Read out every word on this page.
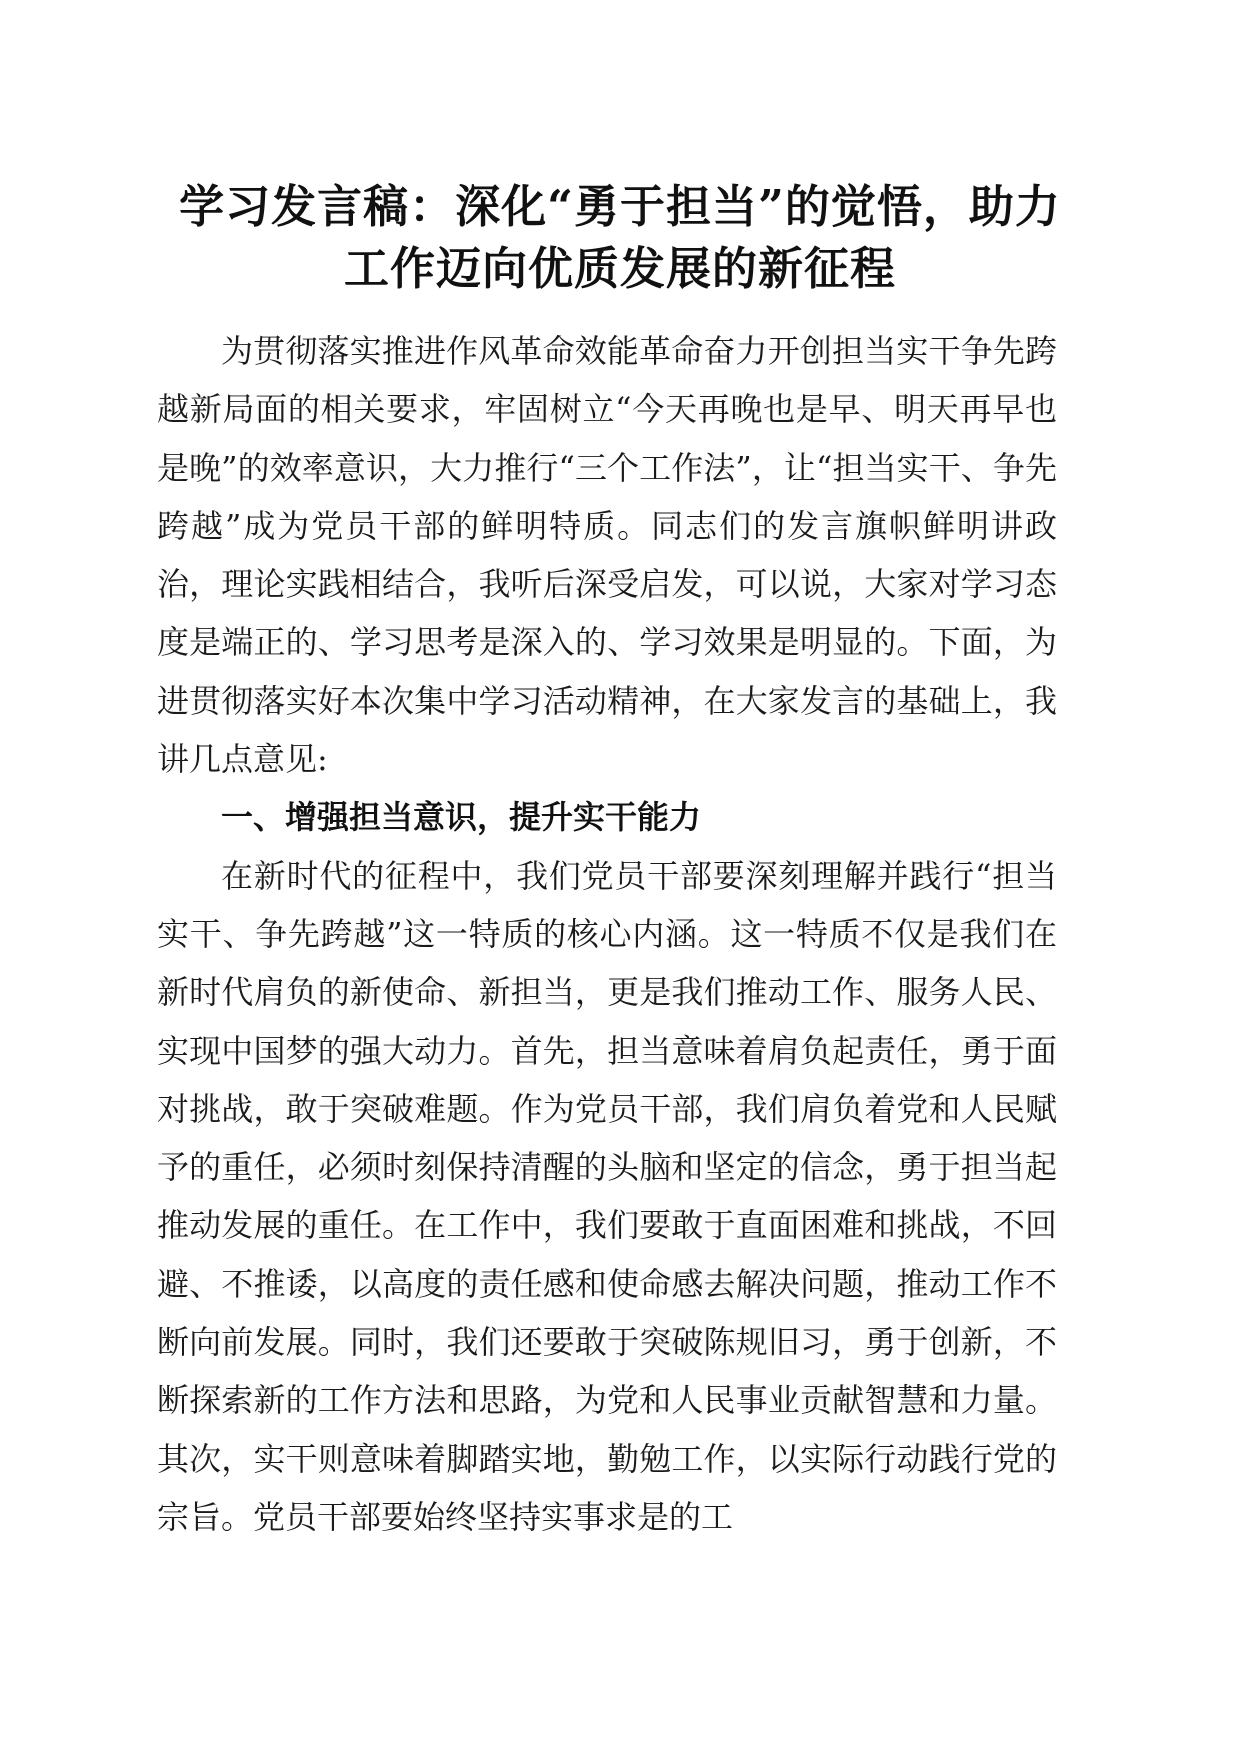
学习发言稿：深化“勇于担当”的觉悟，助力
工作迈向优质发展的新征程

为贯彻落实推进作风革命效能革命奋力开创担当实干争先跨越新局面的相关要求，牢固树立“今天再晚也是早、明天再早也是晚”的效率意识，大力推行“三个工作法”，让“担当实干、争先跨越”成为党员干部的鲜明特质。同志们的发言旗帜鲜明讲政治，理论实践相结合，我听后深受启发，可以说，大家对学习态度是端正的、学习思考是深入的、学习效果是明显的。下面，为进贯彻落实好本次集中学习活动精神，在大家发言的基础上，我讲几点意见:

一、增强担当意识，提升实干能力

在新时代的征程中，我们党员干部要深刻理解并践行“担当实干、争先跨越”这一特质的核心内涵。这一特质不仅是我们在新时代肩负的新使命、新担当，更是我们推动工作、服务人民、实现中国梦的强大动力。首先，担当意味着肩负起责任，勇于面对挑战，敢于突破难题。作为党员干部，我们肩负着党和人民赋予的重任，必须时刻保持清醒的头脑和坚定的信念，勇于担当起推动发展的重任。在工作中，我们要敢于直面困难和挑战，不回避、不推诿，以高度的责任感和使命感去解决问题，推动工作不断向前发展。同时，我们还要敢于突破陈规旧习，勇于创新，不断探索新的工作方法和思路，为党和人民事业贡献智慧和力量。其次，实干则意味着脚踏实地，勤勉工作，以实际行动践行党的宗旨。党员干部要始终坚持实事求是的工
